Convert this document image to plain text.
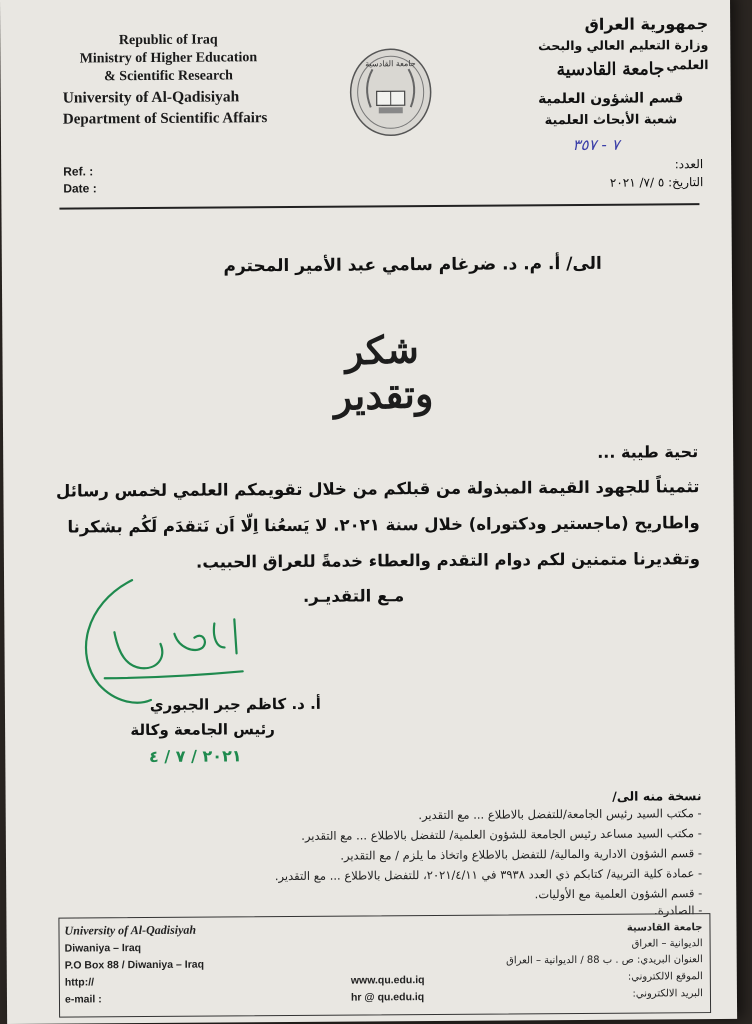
Republic of Iraq
Ministry of Higher Education
& Scientific Research
University of Al-Qadisiyah
Department of Scientific Affairs
Ref. :
Date :
جامعة القادسية
جمهورية العراق
وزارة التعليم العالي والبحث العلمي
جامعة القادسية
قسم الشؤون العلمية
شعبة الأبحاث العلمية
٧ - ٣٥٧
العدد:
التاريخ: ٥ /٧/ ٢٠٢١
الى/ أ. م. د. ضرغام سامي عبد الأمير المحترم
شكر وتقدير
تحية طيبة ...
تثميناً للجهود القيمة المبذولة من قبلكم من خلال تقويمكم العلمي لخمس رسائل
واطاريح (ماجستير ودكتوراه) خلال سنة ٢٠٢١. لا يَسعُنا اِلّا اَن نَتقدَم لَكُم بشكرنا
وتقديرنا متمنين لكم دوام التقدم والعطاء خدمةً للعراق الحبيب.
مـع التقديـر.
أ. د. كاظم جبر الجبوري
رئيس الجامعة وكالة
٢٠٢١ / ٧ / ٤
نسخة منه الى/
- مكتب السيد رئيس الجامعة/للتفضل بالاطلاع ... مع التقدير.
- مكتب السيد مساعد رئيس الجامعة للشؤون العلمية/ للتفضل بالاطلاع ... مع التقدير.
- قسم الشؤون الادارية والمالية/ للتفضل بالاطلاع واتخاذ ما يلزم / مع التقدير.
- عمادة كلية التربية/ كتابكم ذي العدد ٣٩٣٨ في ٢٠٢١/٤/١١، للتفضل بالاطلاع ... مع التقدير.
- قسم الشؤون العلمية مع الأوليات.
- الصادرة.
University of Al-Qadisiyah
Diwaniya – Iraq
P.O Box 88 / Diwaniya – Iraq
http://
e-mail :
www.qu.edu.iq
hr @ qu.edu.iq
جامعة القادسية
الديوانية – العراق
العنوان البريدي: ص . ب 88 / الديوانية – العراق
الموقع الالكتروني:
البريد الالكتروني:
